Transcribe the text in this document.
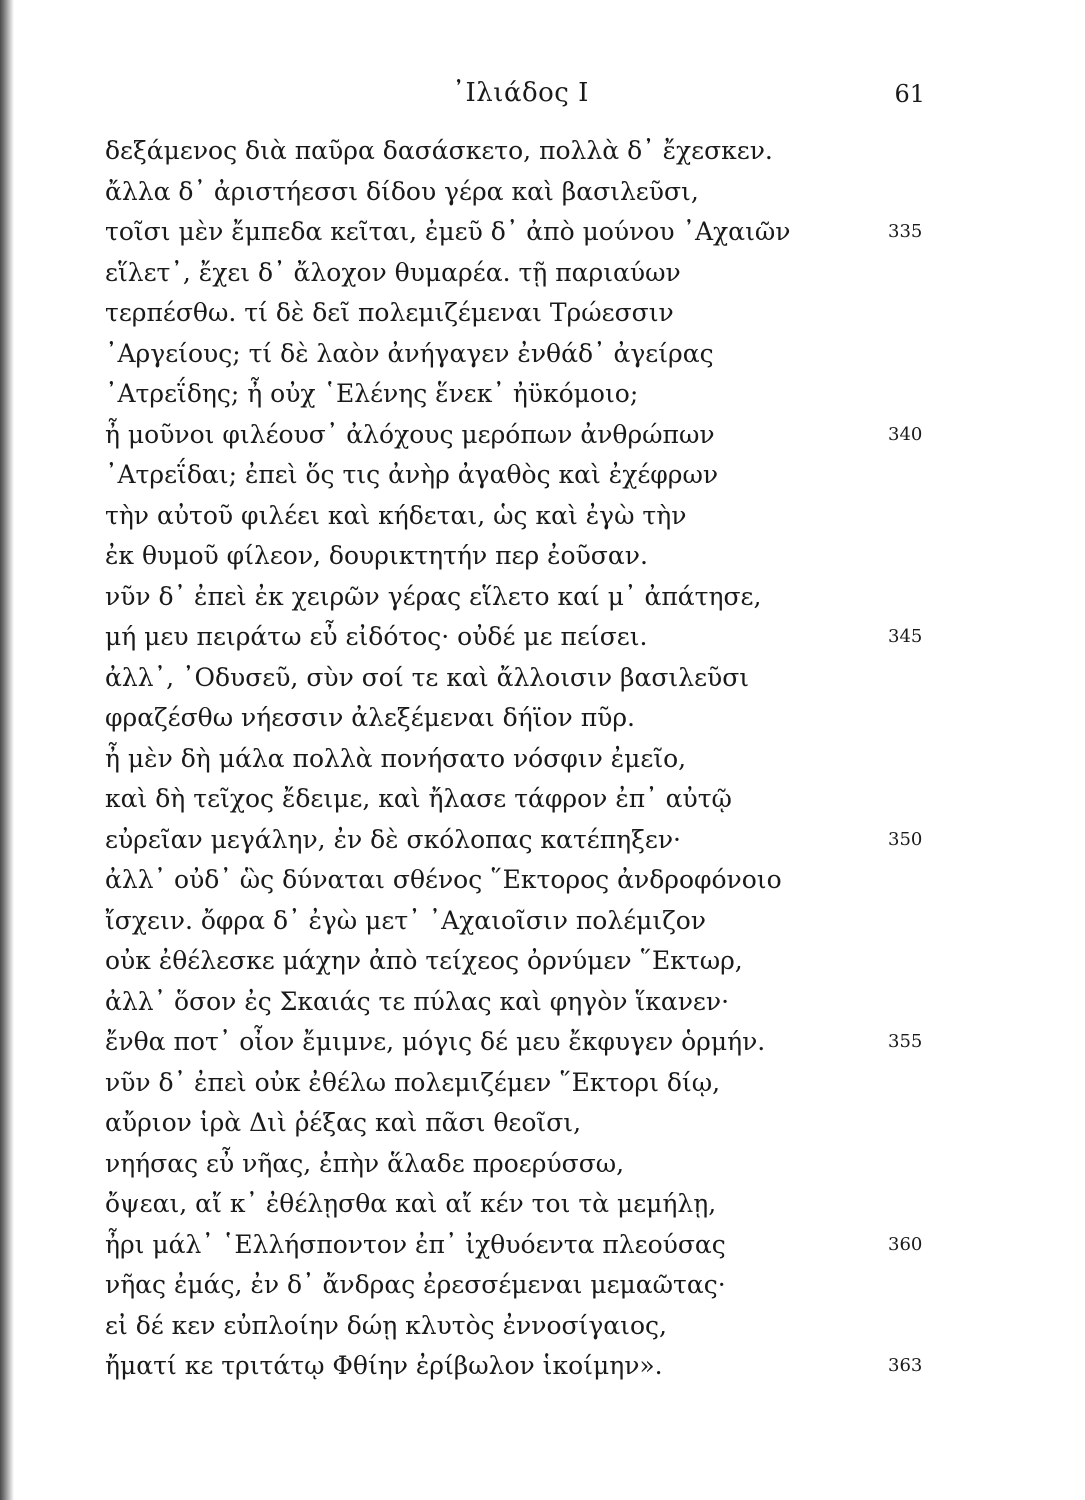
᾿Ιλιάδος Ι	61
δεξάμενος διὰ παῦρα δασάσκετο, πολλὰ δ᾿ ἔχεσκεν.
ἄλλα δ᾿ ἀριστήεσσι δίδου γέρα καὶ βασιλεῦσι,
τοῖσι μὲν ἔμπεδα κεῖται, ἐμεῦ δ᾿ ἀπὸ μούνου ᾿Αχαιῶν	335
εἵλετ᾿, ἔχει δ᾿ ἄλοχον θυμαρέα. τῇ παριαύων
τερπέσθω. τί δὲ δεῖ πολεμιζέμεναι Τρώεσσιν
᾿Αργείους; τί δὲ λαὸν ἀνήγαγεν ἐνθάδ᾿ ἀγείρας
᾿Ατρεΐδης; ἦ οὐχ ῾Ελένης ἕνεκ᾿ ἠϋκόμοιο;
ἦ μοῦνοι φιλέουσ᾿ ἀλόχους μερόπων ἀνθρώπων	340
᾿Ατρεΐδαι; ἐπεὶ ὅς τις ἀνὴρ ἀγαθὸς καὶ ἐχέφρων
τὴν αὐτοῦ φιλέει καὶ κήδεται, ὡς καὶ ἐγὼ τὴν
ἐκ θυμοῦ φίλεον, δουρικτητήν περ ἐοῦσαν.
νῦν δ᾿ ἐπεὶ ἐκ χειρῶν γέρας εἵλετο καί μ᾿ ἀπάτησε,
μή μευ πειράτω εὖ εἰδότος· οὐδέ με πείσει.	345
ἀλλ᾿, ᾿Οδυσεῦ, σὺν σοί τε καὶ ἄλλοισιν βασιλεῦσι
φραζέσθω νήεσσιν ἀλεξέμεναι δήϊον πῦρ.
ἦ μὲν δὴ μάλα πολλὰ πονήσατο νόσφιν ἐμεῖο,
καὶ δὴ τεῖχος ἔδειμε, καὶ ἤλασε τάφρον ἐπ᾿ αὐτῷ
εὐρεῖαν μεγάλην, ἐν δὲ σκόλοπας κατέπηξεν·	350
ἀλλ᾿ οὐδ᾿ ὣς δύναται σθένος ῞Εκτορος ἀνδροφόνοιο
ἴσχειν. ὄφρα δ᾿ ἐγὼ μετ᾿ ᾿Αχαιοῖσιν πολέμιζον
οὐκ ἐθέλεσκε μάχην ἀπὸ τείχεος ὀρνύμεν ῞Εκτωρ,
ἀλλ᾿ ὅσον ἐς Σκαιάς τε πύλας καὶ φηγὸν ἵκανεν·
ἔνθα ποτ᾿ οἶον ἔμιμνε, μόγις δέ μευ ἔκφυγεν ὁρμήν.	355
νῦν δ᾿ ἐπεὶ οὐκ ἐθέλω πολεμιζέμεν ῞Εκτορι δίῳ,
αὔριον ἱρὰ Διὶ ῥέξας καὶ πᾶσι θεοῖσι,
νηήσας εὖ νῆας, ἐπὴν ἅλαδε προερύσσω,
ὄψεαι, αἴ κ᾿ ἐθέλῃσθα καὶ αἴ κέν τοι τὰ μεμήλῃ,
ἦρι μάλ᾿ ῾Ελλήσποντον ἐπ᾿ ἰχθυόεντα πλεούσας	360
νῆας ἐμάς, ἐν δ᾿ ἄνδρας ἐρεσσέμεναι μεμαῶτας·
εἰ δέ κεν εὐπλοίην δώῃ κλυτὸς ἐννοσίγαιος,
ἤματί κε τριτάτῳ Φθίην ἐρίβωλον ἱκοίμην».	363
